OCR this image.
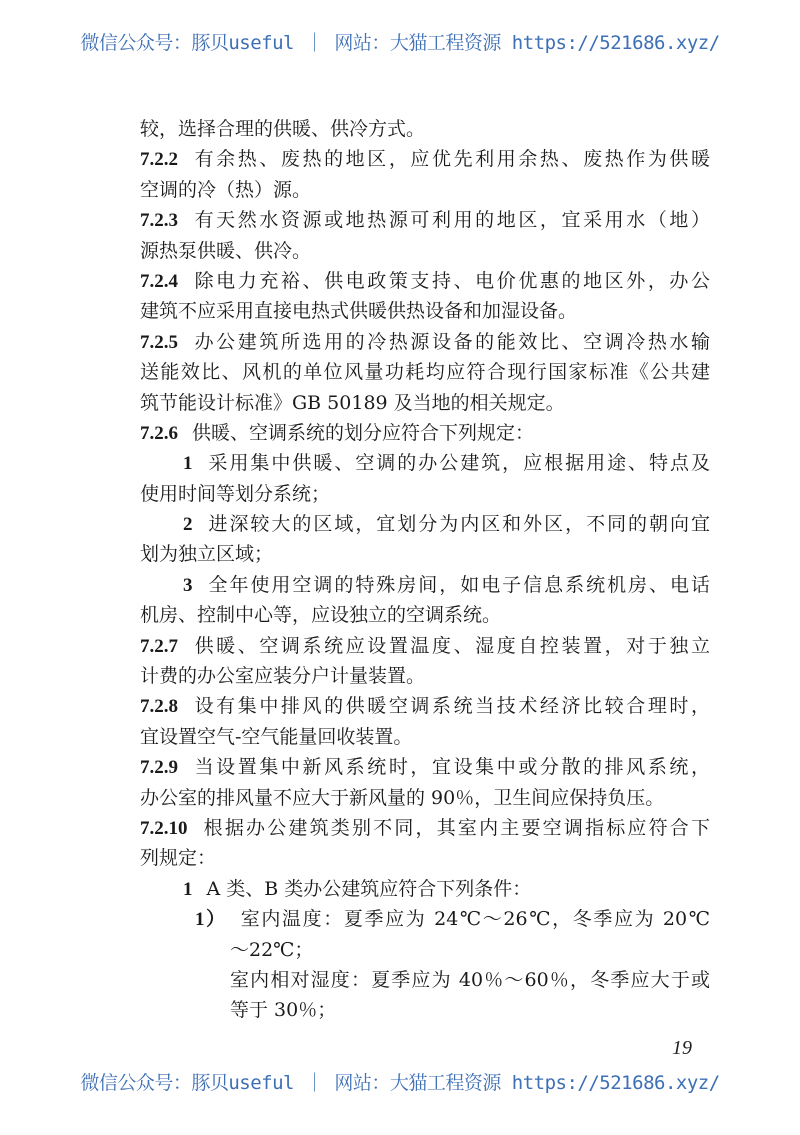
微信公众号：豚贝useful ｜ 网站：大猫工程资源 https://521686.xyz/
较，选择合理的供暖、供冷方式。
7.2.2 有余热、废热的地区，应优先利用余热、废热作为供暖
空调的冷（热）源。
7.2.3 有天然水资源或地热源可利用的地区，宜采用水（地）
源热泵供暖、供冷。
7.2.4 除电力充裕、供电政策支持、电价优惠的地区外，办公
建筑不应采用直接电热式供暖供热设备和加湿设备。
7.2.5 办公建筑所选用的冷热源设备的能效比、空调冷热水输
送能效比、风机的单位风量功耗均应符合现行国家标准《公共建
筑节能设计标准》GB 50189 及当地的相关规定。
7.2.6 供暖、空调系统的划分应符合下列规定：
1 采用集中供暖、空调的办公建筑，应根据用途、特点及
使用时间等划分系统；
2 进深较大的区域，宜划分为内区和外区，不同的朝向宜
划为独立区域；
3 全年使用空调的特殊房间，如电子信息系统机房、电话
机房、控制中心等，应设独立的空调系统。
7.2.7 供暖、空调系统应设置温度、湿度自控装置，对于独立
计费的办公室应装分户计量装置。
7.2.8 设有集中排风的供暖空调系统当技术经济比较合理时，
宜设置空气-空气能量回收装置。
7.2.9 当设置集中新风系统时，宜设集中或分散的排风系统，
办公室的排风量不应大于新风量的 90％，卫生间应保持负压。
7.2.10 根据办公建筑类别不同，其室内主要空调指标应符合下
列规定：
1 A 类、B 类办公建筑应符合下列条件：
1） 室内温度：夏季应为 24℃～26℃，冬季应为 20℃
～22℃；
室内相对湿度：夏季应为 40％～60％，冬季应大于或
等于 30％；
19
微信公众号：豚贝useful ｜ 网站：大猫工程资源 https://521686.xyz/
